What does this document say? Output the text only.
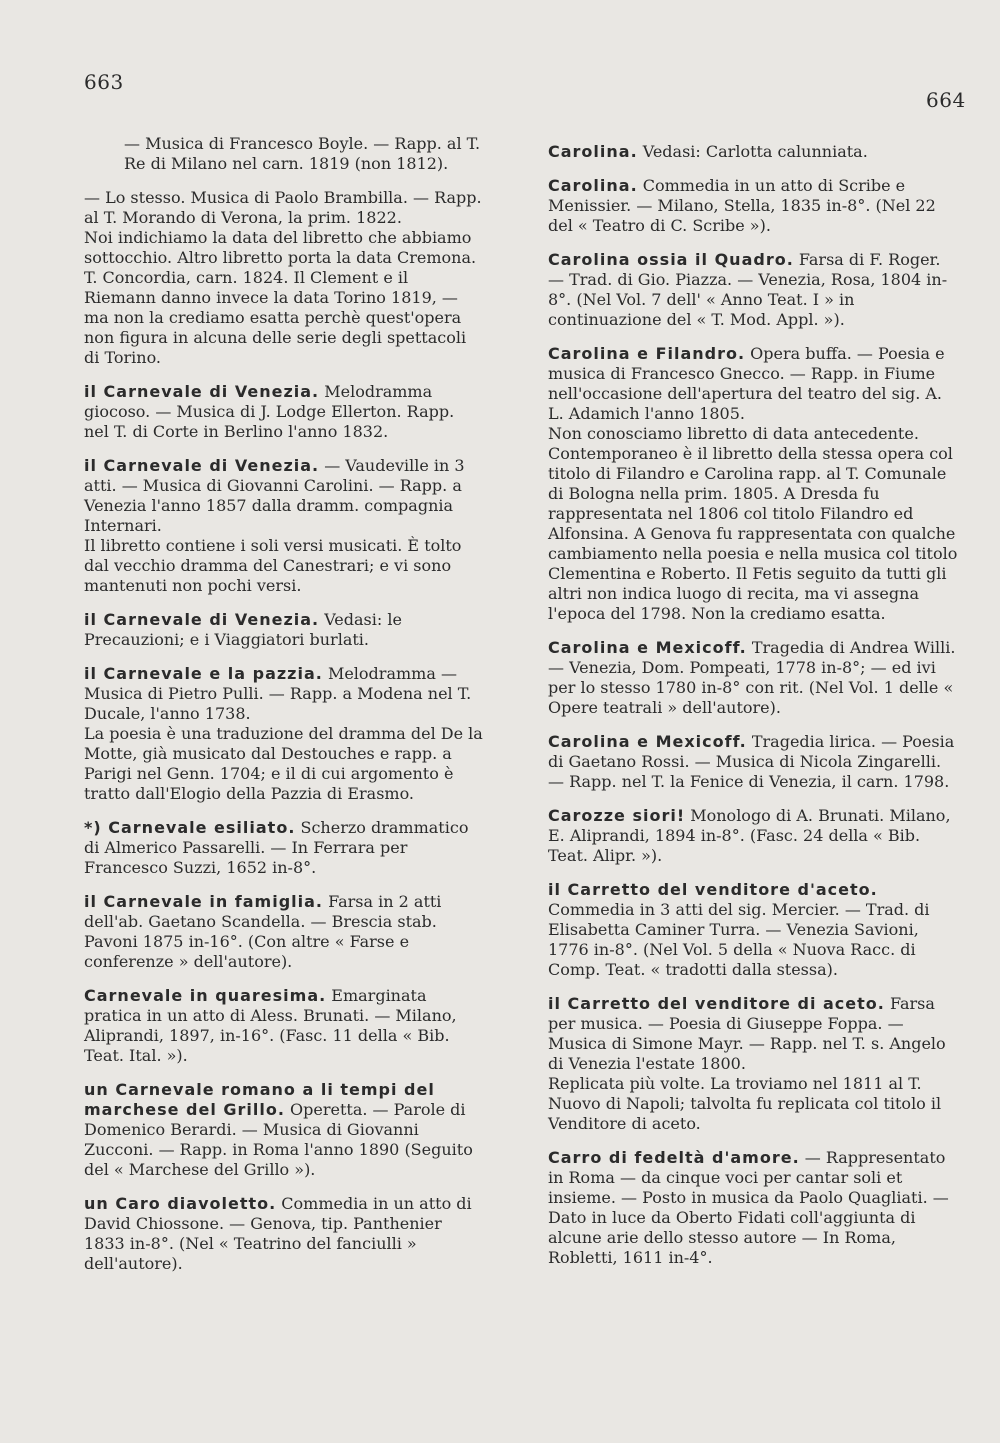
663
664

— Musica di Francesco Boyle. — Rapp. al T. Re di Milano nel carn. 1819 (non 1812).

— Lo stesso. Musica di Paolo Brambilla. — Rapp. al T. Morando di Verona, la prim. 1822.

Noi indichiamo la data del libretto che abbiamo sottocchio. Altro libretto porta la data Cremona. T. Concordia, carn. 1824. Il Clement e il Riemann danno invece la data Torino 1819, — ma non la crediamo esatta perchè quest'opera non figura in alcuna delle serie degli spettacoli di Torino.

il Carnevale di Venezia. Melodramma giocoso. — Musica di J. Lodge Ellerton. Rapp. nel T. di Corte in Berlino l'anno 1832.

il Carnevale di Venezia. — Vaudeville in 3 atti. — Musica di Giovanni Carolini. — Rapp. a Venezia l'anno 1857 dalla dramm. compagnia Internari.

Il libretto contiene i soli versi musicati. È tolto dal vecchio dramma del Canestrari; e vi sono mantenuti non pochi versi.

il Carnevale di Venezia. Vedasi: le Precauzioni; e i Viaggiatori burlati.

il Carnevale e la pazzia. Melodramma — Musica di Pietro Pulli. — Rapp. a Modena nel T. Ducale, l'anno 1738.

La poesia è una traduzione del dramma del De la Motte, già musicato dal Destouches e rapp. a Parigi nel Genn. 1704; e il di cui argomento è tratto dall'Elogio della Pazzia di Erasmo.

*) Carnevale esiliato. Scherzo drammatico di Almerico Passarelli. — In Ferrara per Francesco Suzzi, 1652 in-8°.

il Carnevale in famiglia. Farsa in 2 atti dell'ab. Gaetano Scandella. — Brescia stab. Pavoni 1875 in-16°. (Con altre « Farse e conferenze » dell'autore).

Carnevale in quaresima. Emarginata pratica in un atto di Aless. Brunati. — Milano, Aliprandi, 1897, in-16°. (Fasc. 11 della « Bib. Teat. Ital. »).

un Carnevale romano a li tempi del marchese del Grillo. Operetta. — Parole di Domenico Berardi. — Musica di Giovanni Zucconi. — Rapp. in Roma l'anno 1890 (Seguito del « Marchese del Grillo »).

un Caro diavoletto. Commedia in un atto di David Chiossone. — Genova, tip. Panthenier 1833 in-8°. (Nel « Teatrino del fanciulli » dell'autore).

Carolina. Vedasi: Carlotta calunniata.

Carolina. Commedia in un atto di Scribe e Menissier. — Milano, Stella, 1835 in-8°. (Nel 22 del « Teatro di C. Scribe »).

Carolina ossia il Quadro. Farsa di F. Roger. — Trad. di Gio. Piazza. — Venezia, Rosa, 1804 in-8°. (Nel Vol. 7 dell' « Anno Teat. I » in continuazione del « T. Mod. Appl. »).

Carolina e Filandro. Opera buffa. — Poesia e musica di Francesco Gnecco. — Rapp. in Fiume nell'occasione dell'apertura del teatro del sig. A. L. Adamich l'anno 1805.

Non conosciamo libretto di data antecedente. Contemporaneo è il libretto della stessa opera col titolo di Filandro e Carolina rapp. al T. Comunale di Bologna nella prim. 1805. A Dresda fu rappresentata nel 1806 col titolo Filandro ed Alfonsina. A Genova fu rappresentata con qualche cambiamento nella poesia e nella musica col titolo Clementina e Roberto. Il Fetis seguito da tutti gli altri non indica luogo di recita, ma vi assegna l'epoca del 1798. Non la crediamo esatta.

Carolina e Mexicoff. Tragedia di Andrea Willi. — Venezia, Dom. Pompeati, 1778 in-8°; — ed ivi per lo stesso 1780 in-8° con rit. (Nel Vol. 1 delle « Opere teatrali » dell'autore).

Carolina e Mexicoff. Tragedia lirica. — Poesia di Gaetano Rossi. — Musica di Nicola Zingarelli. — Rapp. nel T. la Fenice di Venezia, il carn. 1798.

Carozze siori! Monologo di A. Brunati. Milano, E. Aliprandi, 1894 in-8°. (Fasc. 24 della « Bib. Teat. Alipr. »).

il Carretto del venditore d'aceto. Commedia in 3 atti del sig. Mercier. — Trad. di Elisabetta Caminer Turra. — Venezia Savioni, 1776 in-8°. (Nel Vol. 5 della « Nuova Racc. di Comp. Teat. « tradotti dalla stessa).

il Carretto del venditore di aceto. Farsa per musica. — Poesia di Giuseppe Foppa. — Musica di Simone Mayr. — Rapp. nel T. s. Angelo di Venezia l'estate 1800.

Replicata più volte. La troviamo nel 1811 al T. Nuovo di Napoli; talvolta fu replicata col titolo il Venditore di aceto.

Carro di fedeltà d'amore. — Rappresentato in Roma — da cinque voci per cantar soli et insieme. — Posto in musica da Paolo Quagliati. — Dato in luce da Oberto Fidati coll'aggiunta di alcune arie dello stesso autore — In Roma, Robletti, 1611 in-4°.
